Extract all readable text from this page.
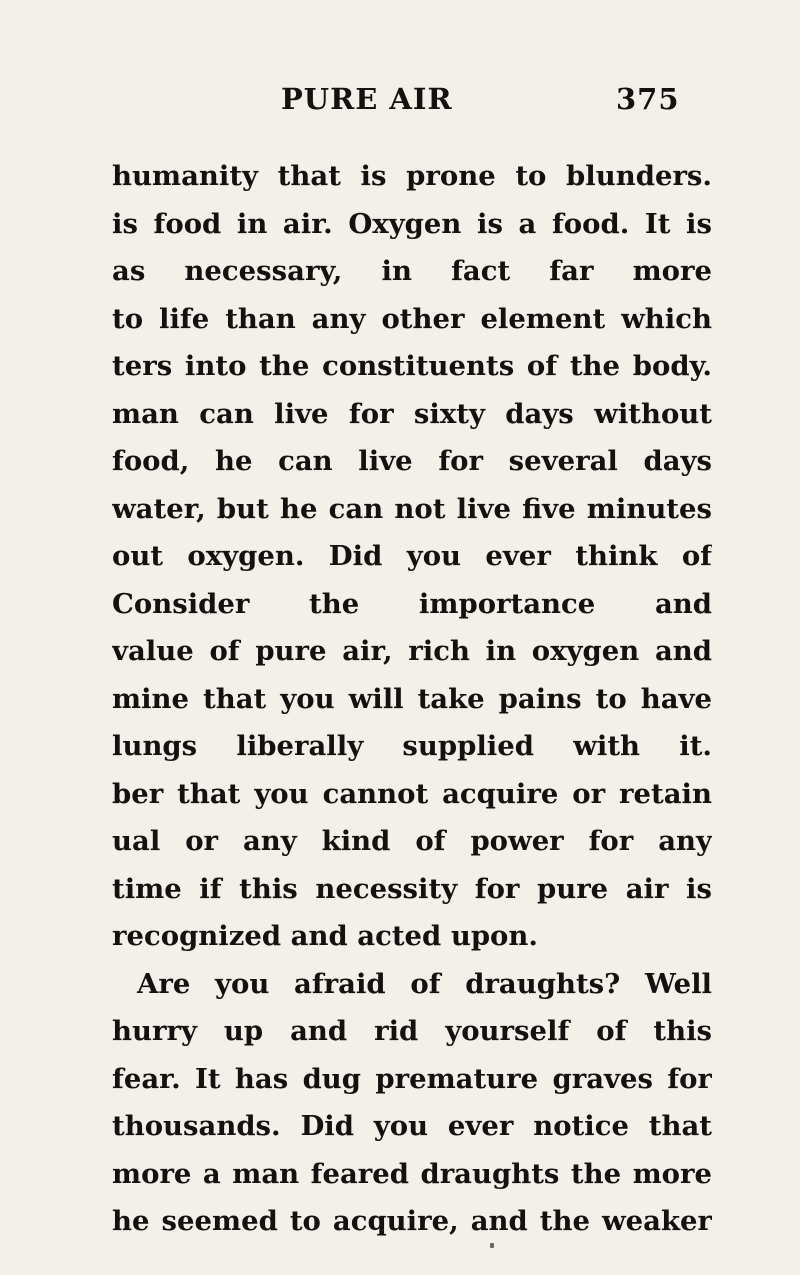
PURE AIR	375
humanity that is prone to blunders.
is food in air. Oxygen is a food. It is
as necessary, in fact far more
to life than any other element which
ters into the constituents of the body.
man can live for sixty days without
food, he can live for several days
water, but he can not live five minutes
out oxygen. Did you ever think of
Consider the importance and
value of pure air, rich in oxygen and
mine that you will take pains to have
lungs liberally supplied with it.
ber that you cannot acquire or retain
ual or any kind of power for any
time if this necessity for pure air is
recognized and acted upon.
Are you afraid of draughts? Well
hurry up and rid yourself of this
fear. It has dug premature graves for
thousands. Did you ever notice that
more a man feared draughts the more
he seemed to acquire, and the weaker
